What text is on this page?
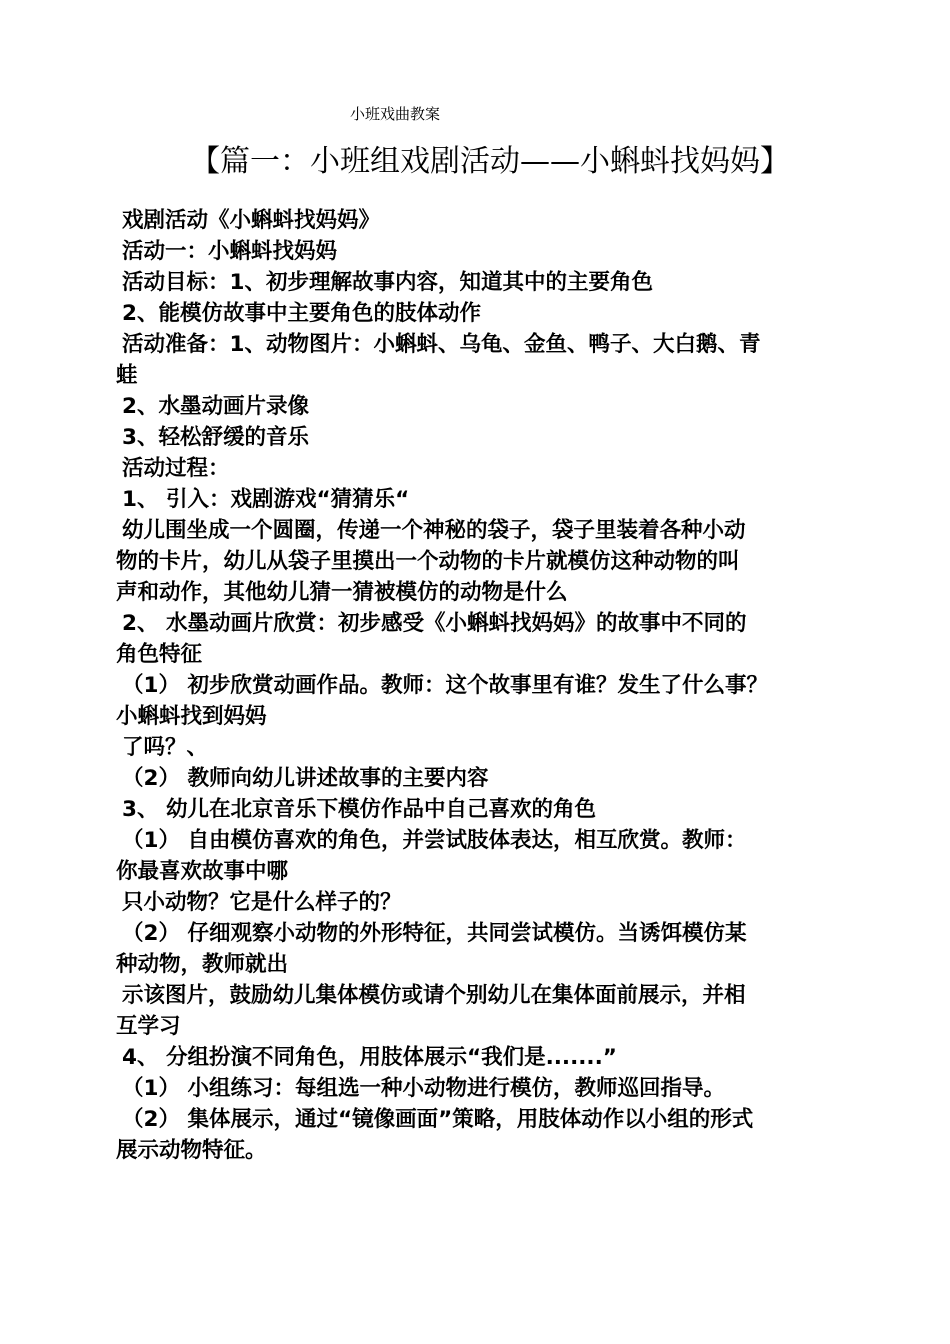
小班戏曲教案
【篇一：小班组戏剧活动——小蝌蚪找妈妈】
戏剧活动《小蝌蚪找妈妈》
活动一：小蝌蚪找妈妈
活动目标：1、初步理解故事内容，知道其中的主要角色
2、能模仿故事中主要角色的肢体动作
活动准备：1、动物图片：小蝌蚪、乌龟、金鱼、鸭子、大白鹅、青
蛙
2、水墨动画片录像
3、轻松舒缓的音乐
活动过程：
1、 引入：戏剧游戏“猜猜乐“
幼儿围坐成一个圆圈，传递一个神秘的袋子，袋子里装着各种小动
物的卡片，幼儿从袋子里摸出一个动物的卡片就模仿这种动物的叫
声和动作，其他幼儿猜一猜被模仿的动物是什么
2、 水墨动画片欣赏：初步感受《小蝌蚪找妈妈》的故事中不同的
角色特征
（1） 初步欣赏动画作品。教师：这个故事里有谁？发生了什么事？
小蝌蚪找到妈妈
了吗？、
（2） 教师向幼儿讲述故事的主要内容
3、 幼儿在北京音乐下模仿作品中自己喜欢的角色
（1） 自由模仿喜欢的角色，并尝试肢体表达，相互欣赏。教师：
你最喜欢故事中哪
只小动物？它是什么样子的？
（2） 仔细观察小动物的外形特征，共同尝试模仿。当诱饵模仿某
种动物，教师就出
示该图片，鼓励幼儿集体模仿或请个别幼儿在集体面前展示，并相
互学习
4、 分组扮演不同角色，用肢体展示“我们是.......”
（1） 小组练习：每组选一种小动物进行模仿，教师巡回指导。
（2） 集体展示，通过“镜像画面”策略，用肢体动作以小组的形式
展示动物特征。
